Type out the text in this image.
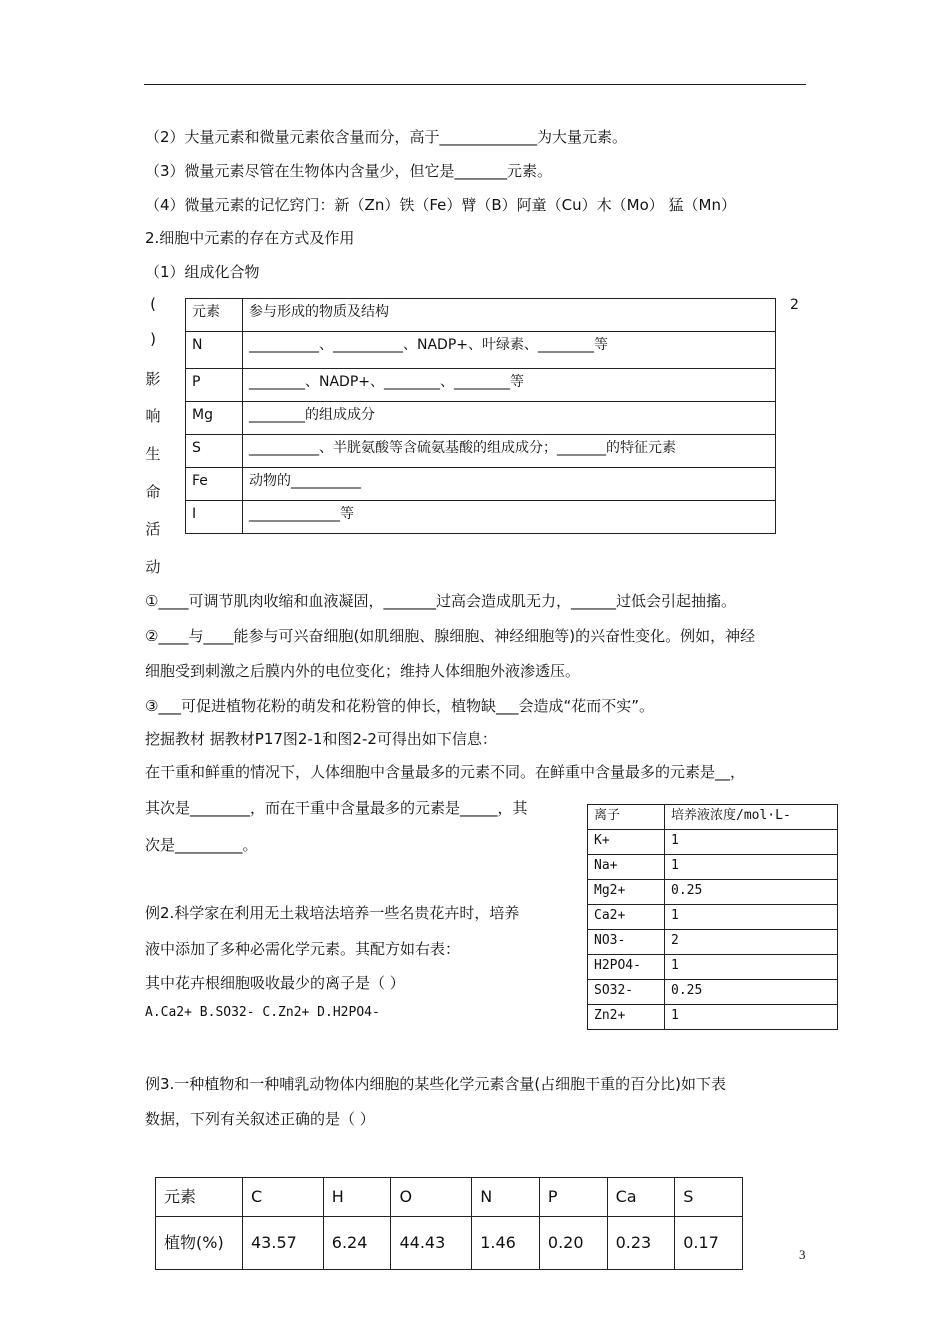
（2）大量元素和微量元素依含量而分，高于_____________为大量元素。
（3）微量元素尽管在生物体内含量少，但它是_______元素。
（4）微量元素的记忆窍门：新（Zn）铁（Fe）臂（B）阿童（Cu）木（Mo） 猛（Mn）
2.细胞中元素的存在方式及作用
（1）组成化合物
(
)
影
响
生
命
活
动
2
元素	参与形成的物质及结构
N	__________、__________、NADP+、叶绿素、________等
P	________、NADP+、________、________等
Mg	________的组成成分
S	__________、半胱氨酸等含硫氨基酸的组成成分；_______的特征元素
Fe	动物的__________
I	_____________等
①____可调节肌肉收缩和血液凝固，_______过高会造成肌无力，______过低会引起抽搐。
②____与____能参与可兴奋细胞(如肌细胞、腺细胞、神经细胞等)的兴奋性变化。例如，神经
细胞受到刺激之后膜内外的电位变化；维持人体细胞外液渗透压。
③___可促进植物花粉的萌发和花粉管的伸长，植物缺___会造成“花而不实”。
挖掘教材 据教材P17图2-1和图2-2可得出如下信息：
在干重和鲜重的情况下，人体细胞中含量最多的元素不同。在鲜重中含量最多的元素是__，
其次是________，而在干重中含量最多的元素是_____，其
次是_________。
例2.科学家在利用无土栽培法培养一些名贵花卉时，培养
液中添加了多种必需化学元素。其配方如右表：
其中花卉根细胞吸收最少的离子是（ ）
A.Ca2+ B.SO32- C.Zn2+ D.H2PO4-
离子	培养液浓度/mol·L-
K+	1
Na+	1
Mg2+	0.25
Ca2+	1
NO3-	2
H2PO4-	1
SO32-	0.25
Zn2+	1
例3.一种植物和一种哺乳动物体内细胞的某些化学元素含量(占细胞干重的百分比)如下表
数据，下列有关叙述正确的是（ ）
元素	C	H	O	N	P	Ca	S
植物(%)	43.57	6.24	44.43	1.46	0.20	0.23	0.17
3
